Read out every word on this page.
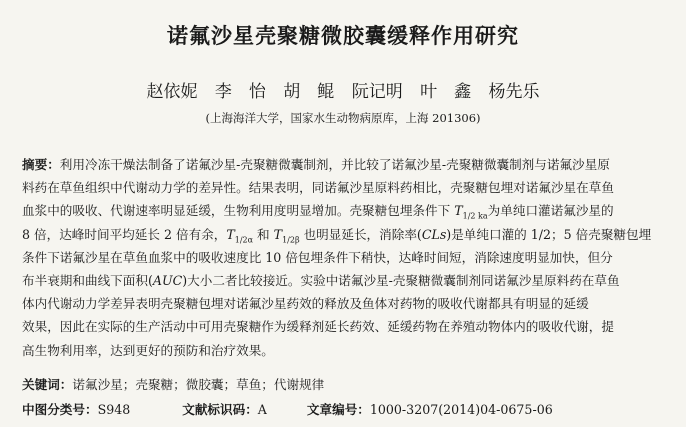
诺氟沙星壳聚糖微胶囊缓释作用研究
赵依妮 李　怡 胡　鲲 阮记明 叶　鑫 杨先乐
(上海海洋大学，国家水生动物病原库，上海 201306)
摘要：利用冷冻干燥法制备了诺氟沙星-壳聚糖微囊制剂，并比较了诺氟沙星-壳聚糖微囊制剂与诺氟沙星原
料药在草鱼组织中代谢动力学的差异性。结果表明，同诺氟沙星原料药相比，壳聚糖包埋对诺氟沙星在草鱼
血浆中的吸收、代谢速率明显延缓，生物利用度明显增加。壳聚糖包埋条件下 $T_{1/2 ka}$为单纯口灌诺氟沙星的
8 倍，达峰时间平均延长 2 倍有余，$T_{1/2\alpha}$ 和 $T_{1/2\beta}$ 也明显延长，消除率(CLs)是单纯口灌的 1/2；5 倍壳聚糖包埋
条件下诺氟沙星在草鱼血浆中的吸收速度比 10 倍包埋条件下稍快，达峰时间短，消除速度明显加快，但分
布半衰期和曲线下面积(AUC)大小二者比较接近。实验中诺氟沙星-壳聚糖微囊制剂同诺氟沙星原料药在草鱼
体内代谢动力学差异表明壳聚糖包埋对诺氟沙星药效的释放及鱼体对药物的吸收代谢都具有明显的延缓
效果，因此在实际的生产活动中可用壳聚糖作为缓释剂延长药效、延缓药物在养殖动物体内的吸收代谢，提
高生物利用率，达到更好的预防和治疗效果。
关键词：诺氟沙星；壳聚糖；微胶囊；草鱼；代谢规律
中图分类号：S948	文献标识码：A	文章编号：1000-3207(2014)04-0675-06
